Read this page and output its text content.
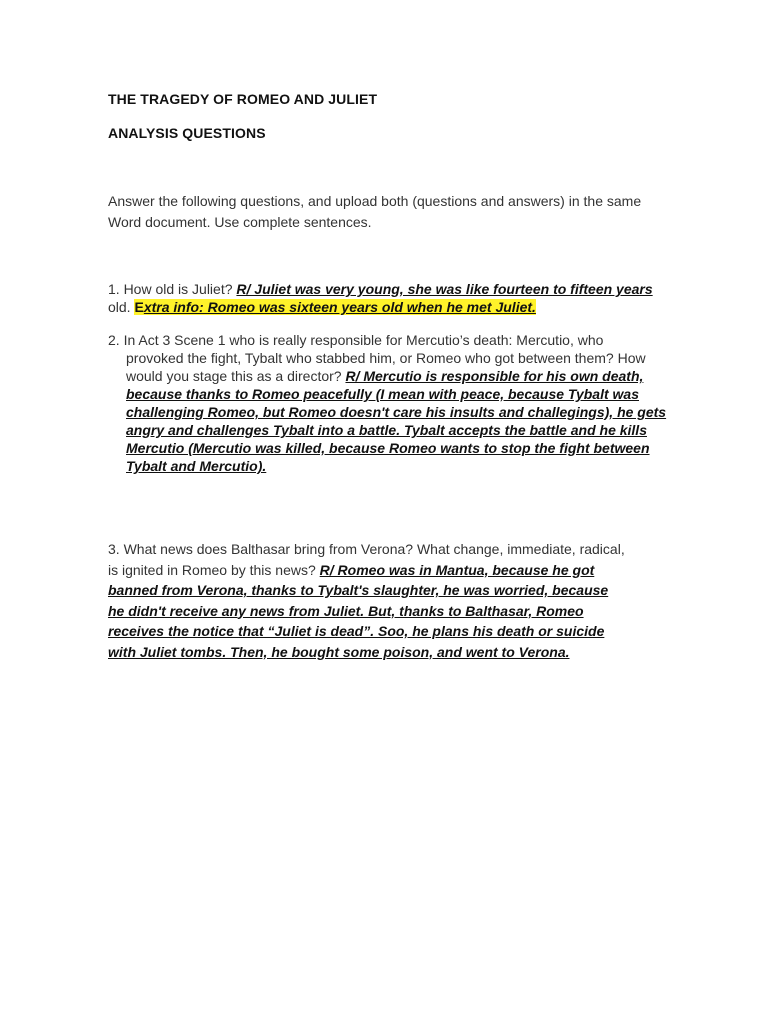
THE TRAGEDY OF ROMEO AND JULIET

ANALYSIS QUESTIONS

Answer the following questions, and upload both (questions and answers) in the same Word document. Use complete sentences.

1. How old is Juliet? R/ Juliet was very young, she was like fourteen to fifteen years old. Extra info: Romeo was sixteen years old when he met Juliet.

2. In Act 3 Scene 1 who is really responsible for Mercutio’s death: Mercutio, who
provoked the fight, Tybalt who stabbed him, or Romeo who got between them? How would you stage this as a director? R/ Mercutio is responsible for his own death, because thanks to Romeo peacefully (I mean with peace, because Tybalt was challenging Romeo, but Romeo doesn't care his insults and challegings), he gets angry and challenges Tybalt into a battle. Tybalt accepts the battle and he kills Mercutio (Mercutio was killed, because Romeo wants to stop the fight between Tybalt and Mercutio).

3. What news does Balthasar bring from Verona? What change, immediate, radical, is ignited in Romeo by this news? R/ Romeo was in Mantua, because he got banned from Verona, thanks to Tybalt's slaughter, he was worried, because he didn't receive any news from Juliet. But, thanks to Balthasar, Romeo receives the notice that “Juliet is dead”. Soo, he plans his death or suicide with Juliet tombs. Then, he bought some poison, and went to Verona.
